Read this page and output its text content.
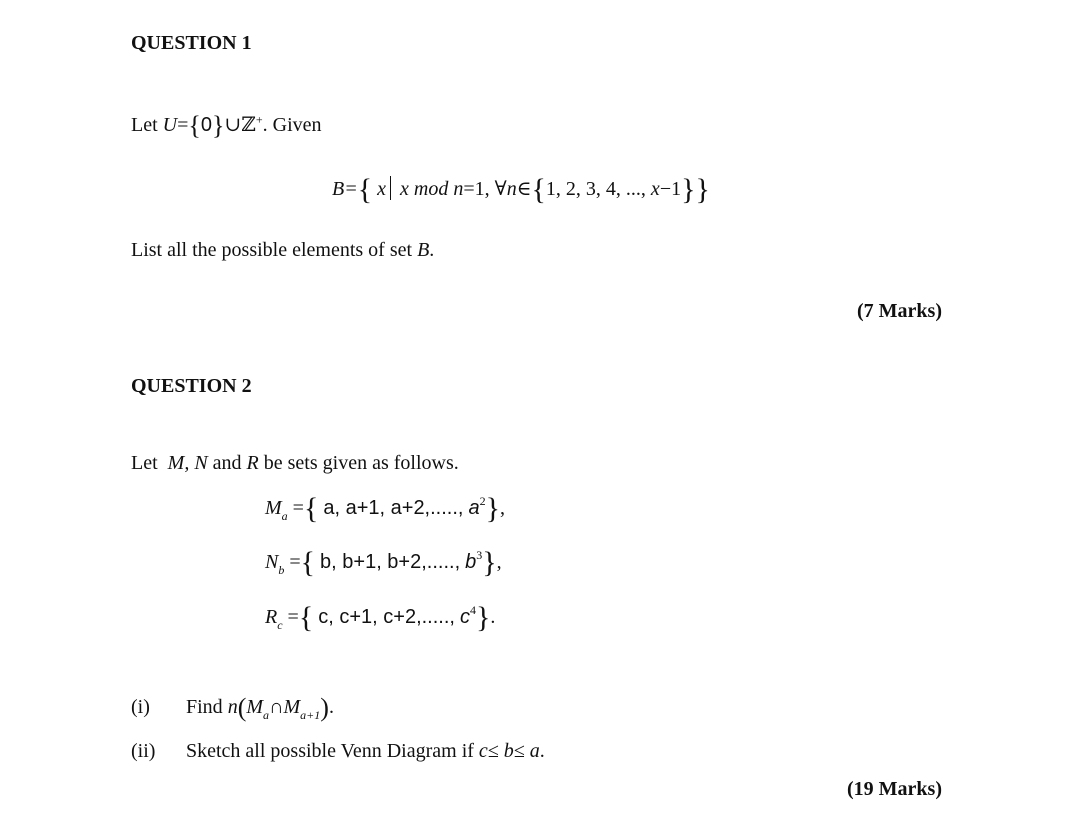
QUESTION 1
Let U={0}∪ℤ+. Given
B={ x x mod n=1, ∀n∈{1, 2, 3, 4, ..., x−1}}
List all the possible elements of set B.
(7 Marks)
QUESTION 2
Let M, N and R be sets given as follows.
$M_a$ ={ a, a+1, a+2,....., $a^2$},
$N_b$ ={ b, b+1, b+2,....., $b^3$},
$R_c$ ={ c, c+1, c+2,....., $c^4$}.
(i) Find $n(M_a\cap M_{a+1})$.
(ii) Sketch all possible Venn Diagram if c≤ b≤ a.
(19 Marks)
